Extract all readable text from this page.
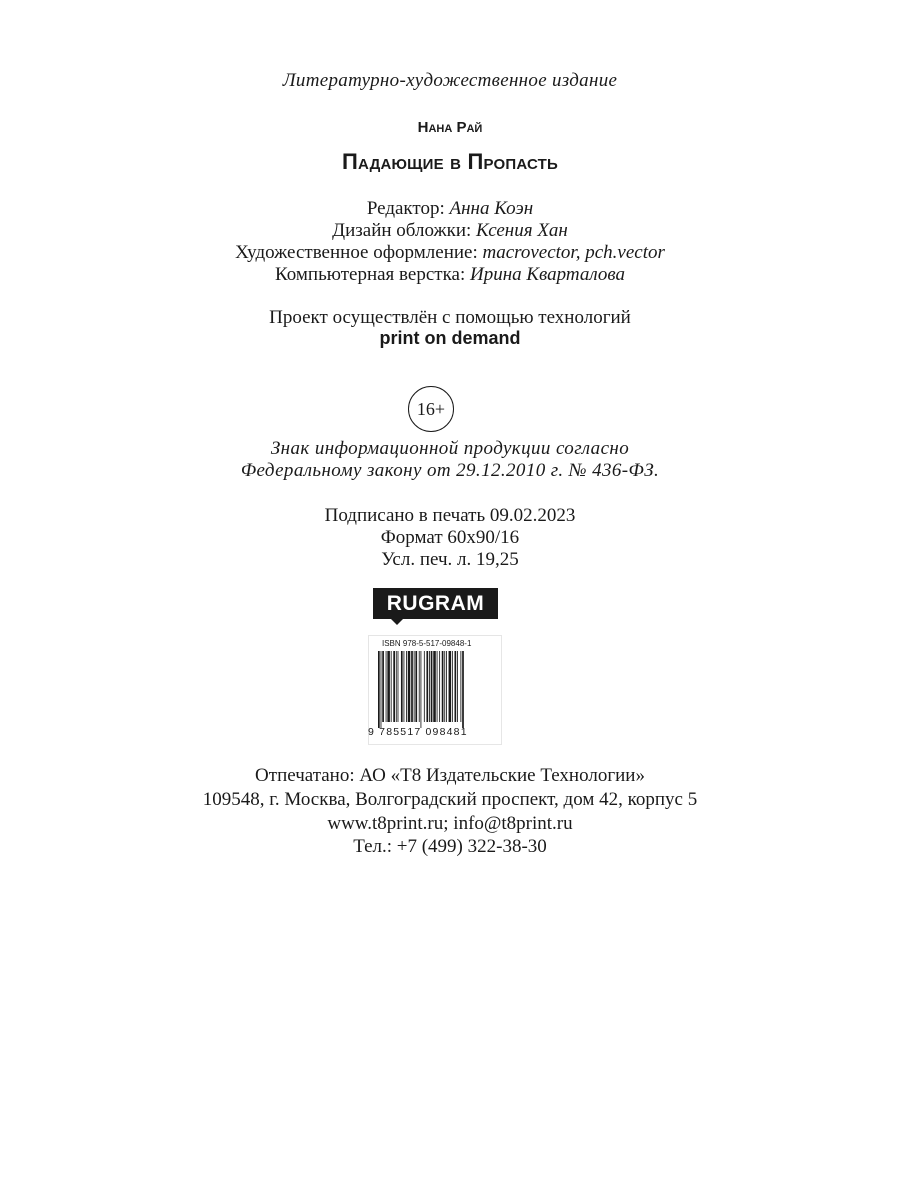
Литературно-художественное издание
Нана Рай
Падающие в Пропасть
Редактор: Анна Коэн
Дизайн обложки: Ксения Хан
Художественное оформление: macrovector, pch.vector
Компьютерная верстка: Ирина Кварталова
Проект осуществлён с помощью технологий
print on demand
16+
Знак информационной продукции согласно
Федеральному закону от 29.12.2010 г. № 436-ФЗ.
Подписано в печать 09.02.2023
Формат 60х90/16
Усл. печ. л. 19,25
RUGRAM
ISBN 978-5-517-09848-1
9 785517 098481
Отпечатано: АО «Т8 Издательские Технологии»
109548, г. Москва, Волгоградский проспект, дом 42, корпус 5
www.t8print.ru; info@t8print.ru
Тел.: +7 (499) 322-38-30
